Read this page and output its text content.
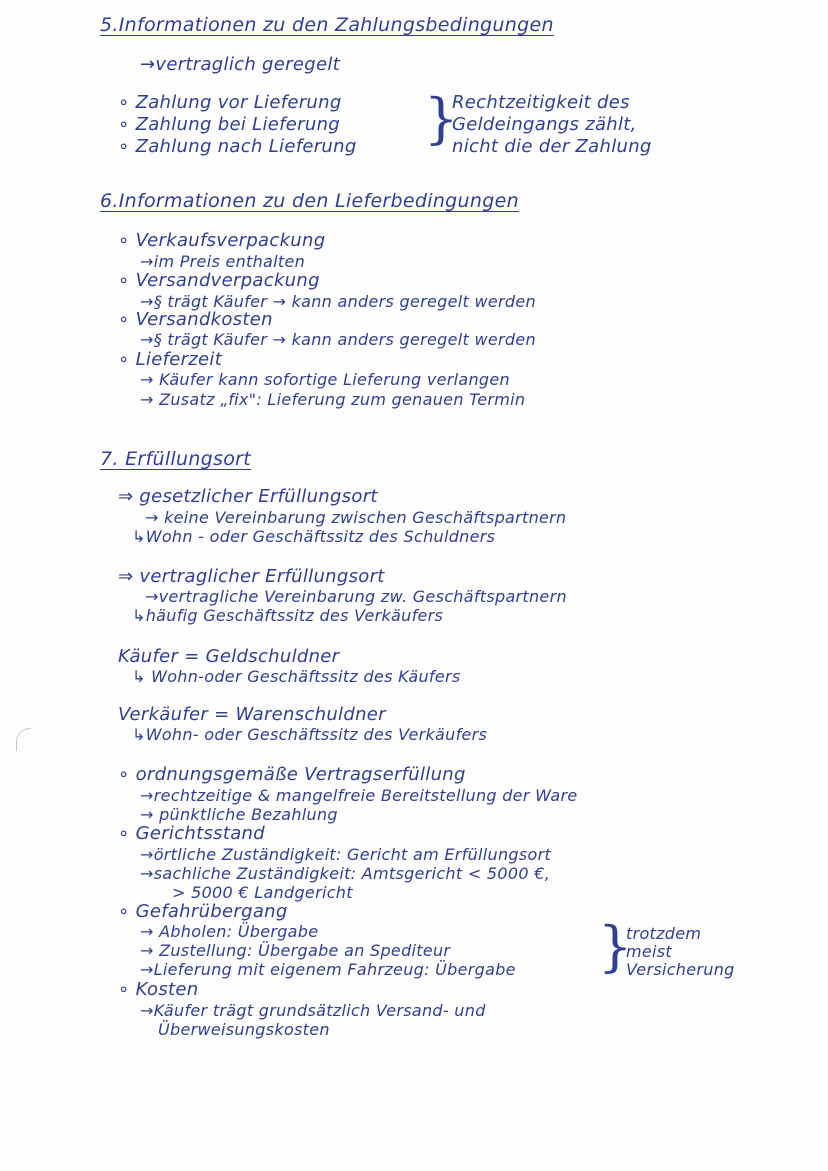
5.Informationen zu den Zahlungsbedingungen
→vertraglich geregelt
∘ Zahlung vor Lieferung
∘ Zahlung bei Lieferung
∘ Zahlung nach Lieferung }
Rechtzeitigkeit des
Geldeingangs zählt,
nicht die der Zahlung
6.Informationen zu den Lieferbedingungen
∘ Verkaufsverpackung
→im Preis enthalten
∘ Versandverpackung
→§ trägt Käufer → kann anders geregelt werden
∘ Versandkosten
→§ trägt Käufer → kann anders geregelt werden
∘ Lieferzeit
→ Käufer kann sofortige Lieferung verlangen
→ Zusatz „fix": Lieferung zum genauen Termin
7. Erfüllungsort
⇒ gesetzlicher Erfüllungsort
→ keine Vereinbarung zwischen Geschäftspartnern
↳Wohn - oder Geschäftssitz des Schuldners
⇒ vertraglicher Erfüllungsort
→vertragliche Vereinbarung zw. Geschäftspartnern
↳häufig Geschäftssitz des Verkäufers
Käufer = Geldschuldner
↳ Wohn-oder Geschäftssitz des Käufers
Verkäufer = Warenschuldner
↳Wohn- oder Geschäftssitz des Verkäufers
∘ ordnungsgemäße Vertragserfüllung
→rechtzeitige & mangelfreie Bereitstellung der Ware
→ pünktliche Bezahlung
∘ Gerichtsstand
→örtliche Zuständigkeit: Gericht am Erfüllungsort
→sachliche Zuständigkeit: Amtsgericht < 5000 €,
> 5000 € Landgericht
∘ Gefahrübergang
→ Abholen: Übergabe
→ Zustellung: Übergabe an Spediteur
→Lieferung mit eigenem Fahrzeug: Übergabe }
trotzdem
meist
Versicherung
∘ Kosten
→Käufer trägt grundsätzlich Versand- und
Überweisungskosten
